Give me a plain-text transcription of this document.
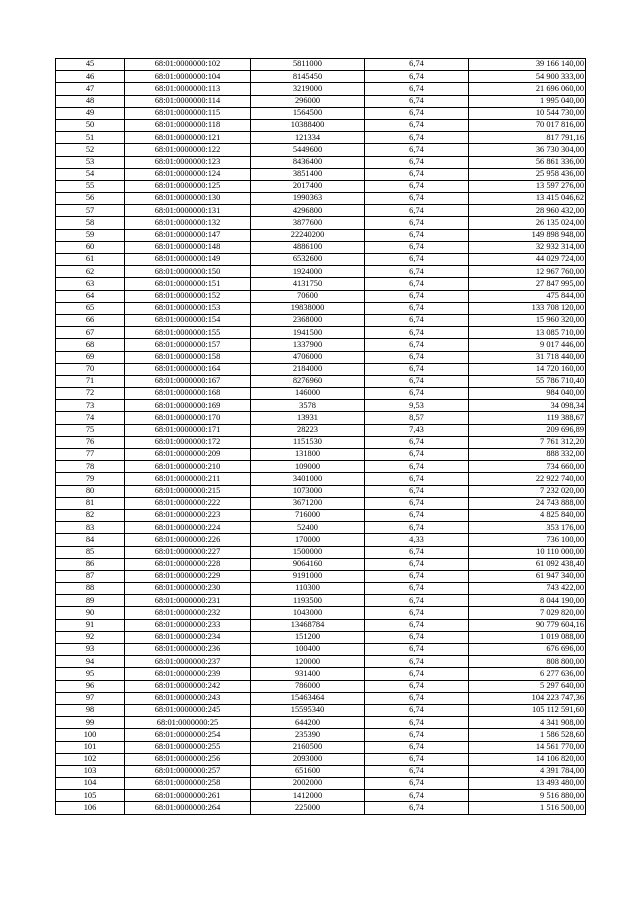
45	68:01:0000000:102	5811000	6,74	39 166 140,00
46	68:01:0000000:104	8145450	6,74	54 900 333,00
47	68:01:0000000:113	3219000	6,74	21 696 060,00
48	68:01:0000000:114	296000	6,74	1 995 040,00
49	68:01:0000000:115	1564500	6,74	10 544 730,00
50	68:01:0000000:118	10388400	6,74	70 017 816,00
51	68:01:0000000:121	121334	6,74	817 791,16
52	68:01:0000000:122	5449600	6,74	36 730 304,00
53	68:01:0000000:123	8436400	6,74	56 861 336,00
54	68:01:0000000:124	3851400	6,74	25 958 436,00
55	68:01:0000000:125	2017400	6,74	13 597 276,00
56	68:01:0000000:130	1990363	6,74	13 415 046,62
57	68:01:0000000:131	4296800	6,74	28 960 432,00
58	68:01:0000000:132	3877600	6,74	26 135 024,00
59	68:01:0000000:147	22240200	6,74	149 898 948,00
60	68:01:0000000:148	4886100	6,74	32 932 314,00
61	68:01:0000000:149	6532600	6,74	44 029 724,00
62	68:01:0000000:150	1924000	6,74	12 967 760,00
63	68:01:0000000:151	4131750	6,74	27 847 995,00
64	68:01:0000000:152	70600	6,74	475 844,00
65	68:01:0000000:153	19838000	6,74	133 708 120,00
66	68:01:0000000:154	2368000	6,74	15 960 320,00
67	68:01:0000000:155	1941500	6,74	13 085 710,00
68	68:01:0000000:157	1337900	6,74	9 017 446,00
69	68:01:0000000:158	4706000	6,74	31 718 440,00
70	68:01:0000000:164	2184000	6,74	14 720 160,00
71	68:01:0000000:167	8276960	6,74	55 786 710,40
72	68:01:0000000:168	146000	6,74	984 040,00
73	68:01:0000000:169	3578	9,53	34 098,34
74	68:01:0000000:170	13931	8,57	119 388,67
75	68:01:0000000:171	28223	7,43	209 696,89
76	68:01:0000000:172	1151530	6,74	7 761 312,20
77	68:01:0000000:209	131800	6,74	888 332,00
78	68:01:0000000:210	109000	6,74	734 660,00
79	68:01:0000000:211	3401000	6,74	22 922 740,00
80	68:01:0000000:215	1073000	6,74	7 232 020,00
81	68:01:0000000:222	3671200	6,74	24 743 888,00
82	68:01:0000000:223	716000	6,74	4 825 840,00
83	68:01:0000000:224	52400	6,74	353 176,00
84	68:01:0000000:226	170000	4,33	736 100,00
85	68:01:0000000:227	1500000	6,74	10 110 000,00
86	68:01:0000000:228	9064160	6,74	61 092 438,40
87	68:01:0000000:229	9191000	6,74	61 947 340,00
88	68:01:0000000:230	110300	6,74	743 422,00
89	68:01:0000000:231	1193500	6,74	8 044 190,00
90	68:01:0000000:232	1043000	6,74	7 029 820,00
91	68:01:0000000:233	13468784	6,74	90 779 604,16
92	68:01:0000000:234	151200	6,74	1 019 088,00
93	68:01:0000000:236	100400	6,74	676 696,00
94	68:01:0000000:237	120000	6,74	808 800,00
95	68:01:0000000:239	931400	6,74	6 277 636,00
96	68:01:0000000:242	786000	6,74	5 297 640,00
97	68:01:0000000:243	15463464	6,74	104 223 747,36
98	68:01:0000000:245	15595340	6,74	105 112 591,60
99	68:01:0000000:25	644200	6,74	4 341 908,00
100	68:01:0000000:254	235390	6,74	1 586 528,60
101	68:01:0000000:255	2160500	6,74	14 561 770,00
102	68:01:0000000:256	2093000	6,74	14 106 820,00
103	68:01:0000000:257	651600	6,74	4 391 784,00
104	68:01:0000000:258	2002000	6,74	13 493 480,00
105	68:01:0000000:261	1412000	6,74	9 516 880,00
106	68:01:0000000:264	225000	6,74	1 516 500,00
